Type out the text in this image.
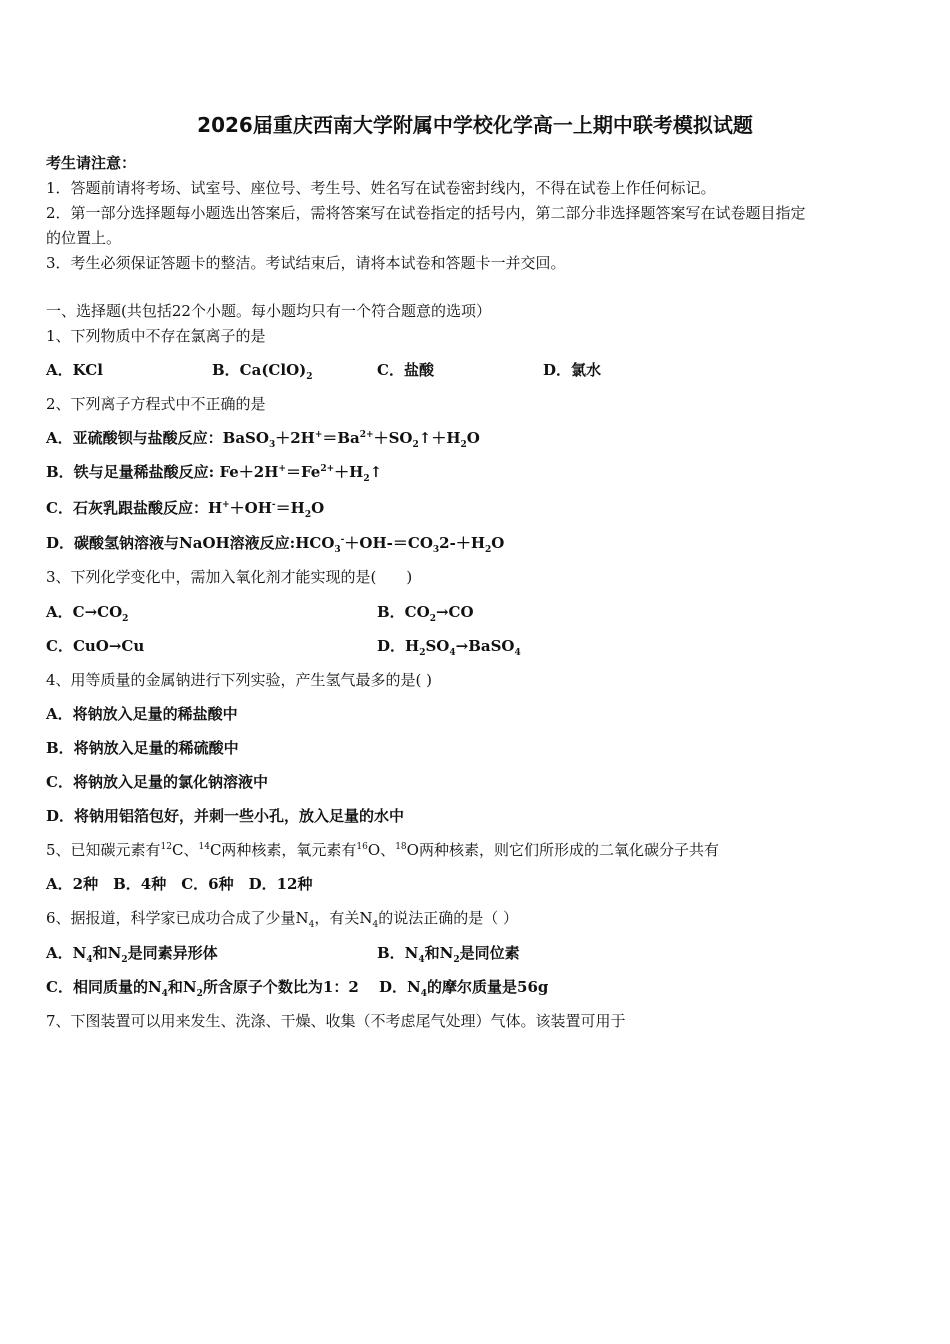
2026届重庆西南大学附属中学校化学高一上期中联考模拟试题
考生请注意：
1．答题前请将考场、试室号、座位号、考生号、姓名写在试卷密封线内，不得在试卷上作任何标记。
2．第一部分选择题每小题选出答案后，需将答案写在试卷指定的括号内，第二部分非选择题答案写在试卷题目指定
的位置上。
3．考生必须保证答题卡的整洁。考试结束后，请将本试卷和答题卡一并交回。
一、选择题(共包括22个小题。每小题均只有一个符合题意的选项）
1、下列物质中不存在氯离子的是
A．KCl	B．$Ca(ClO)_2$	C．盐酸	D．氯水
2、下列离子方程式中不正确的是
A．亚硫酸钡与盐酸反应：$BaSO_3+2H^+=Ba^{2+}+SO_2↑+H_2O$
B．铁与足量稀盐酸反应: $Fe+2H^+=Fe^{2+}+H_2↑$
C．石灰乳跟盐酸反应：$H^++OH^-=H_2O$
D．碳酸氢钠溶液与NaOH溶液反应$:HCO_3^-+OH-=CO_32-+H_2O$
3、下列化学变化中，需加入氧化剂才能实现的是(　　)
A．$C\to CO_2$	B．$CO_2\to CO$
C．CuO→Cu	D．$H_2SO_4\to BaSO_4$
4、用等质量的金属钠进行下列实验，产生氢气最多的是( )
A．将钠放入足量的稀盐酸中
B．将钠放入足量的稀硫酸中
C．将钠放入足量的氯化钠溶液中
D．将钠用铝箔包好，并刺一些小孔，放入足量的水中
5、已知碳元素有$^{12}$C、$^{14}$C两种核素，氧元素有$^{16}$O、$^{18}$O两种核素，则它们所形成的二氧化碳分子共有
A．2种　B．4种　C．6种　D．12种
6、据报道，科学家已成功合成了少量$N_4$，有关$N_4$的说法正确的是（ ）
A．$N_4$和$N_2$是同素异形体	B．$N_4$和$N_2$是同位素
C．相同质量的$N_4$和$N_2$所含原子个数比为1：2　 D．$N_4$的摩尔质量是56g
7、下图装置可以用来发生、洗涤、干燥、收集（不考虑尾气处理）气体。该装置可用于
